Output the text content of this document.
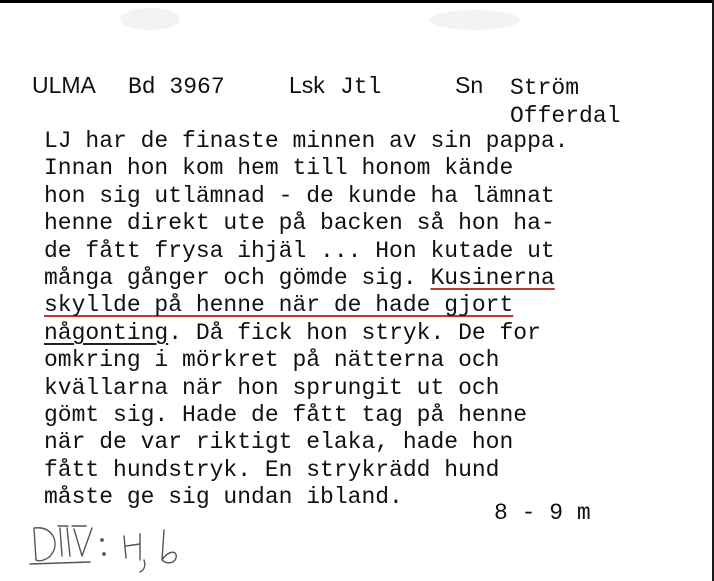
ULMA Bd 3967	Lsk Jtl	Sn Ström
Offerdal
LJ har de finaste minnen av sin pappa.
Innan hon kom hem till honom kände
hon sig utlämnad - de kunde ha lämnat
henne direkt ute på backen så hon ha-
de fått frysa ihjäl ... Hon kutade ut
många gånger och gömde sig. Kusinerna
skyllde på henne när de hade gjort
någonting. Då fick hon stryk. De for
omkring i mörkret på nätterna och
kvällarna när hon sprungit ut och
gömt sig. Hade de fått tag på henne
när de var riktigt elaka, hade hon
fått hundstryk. En strykrädd hund
måste ge sig undan ibland.
8 - 9 m
